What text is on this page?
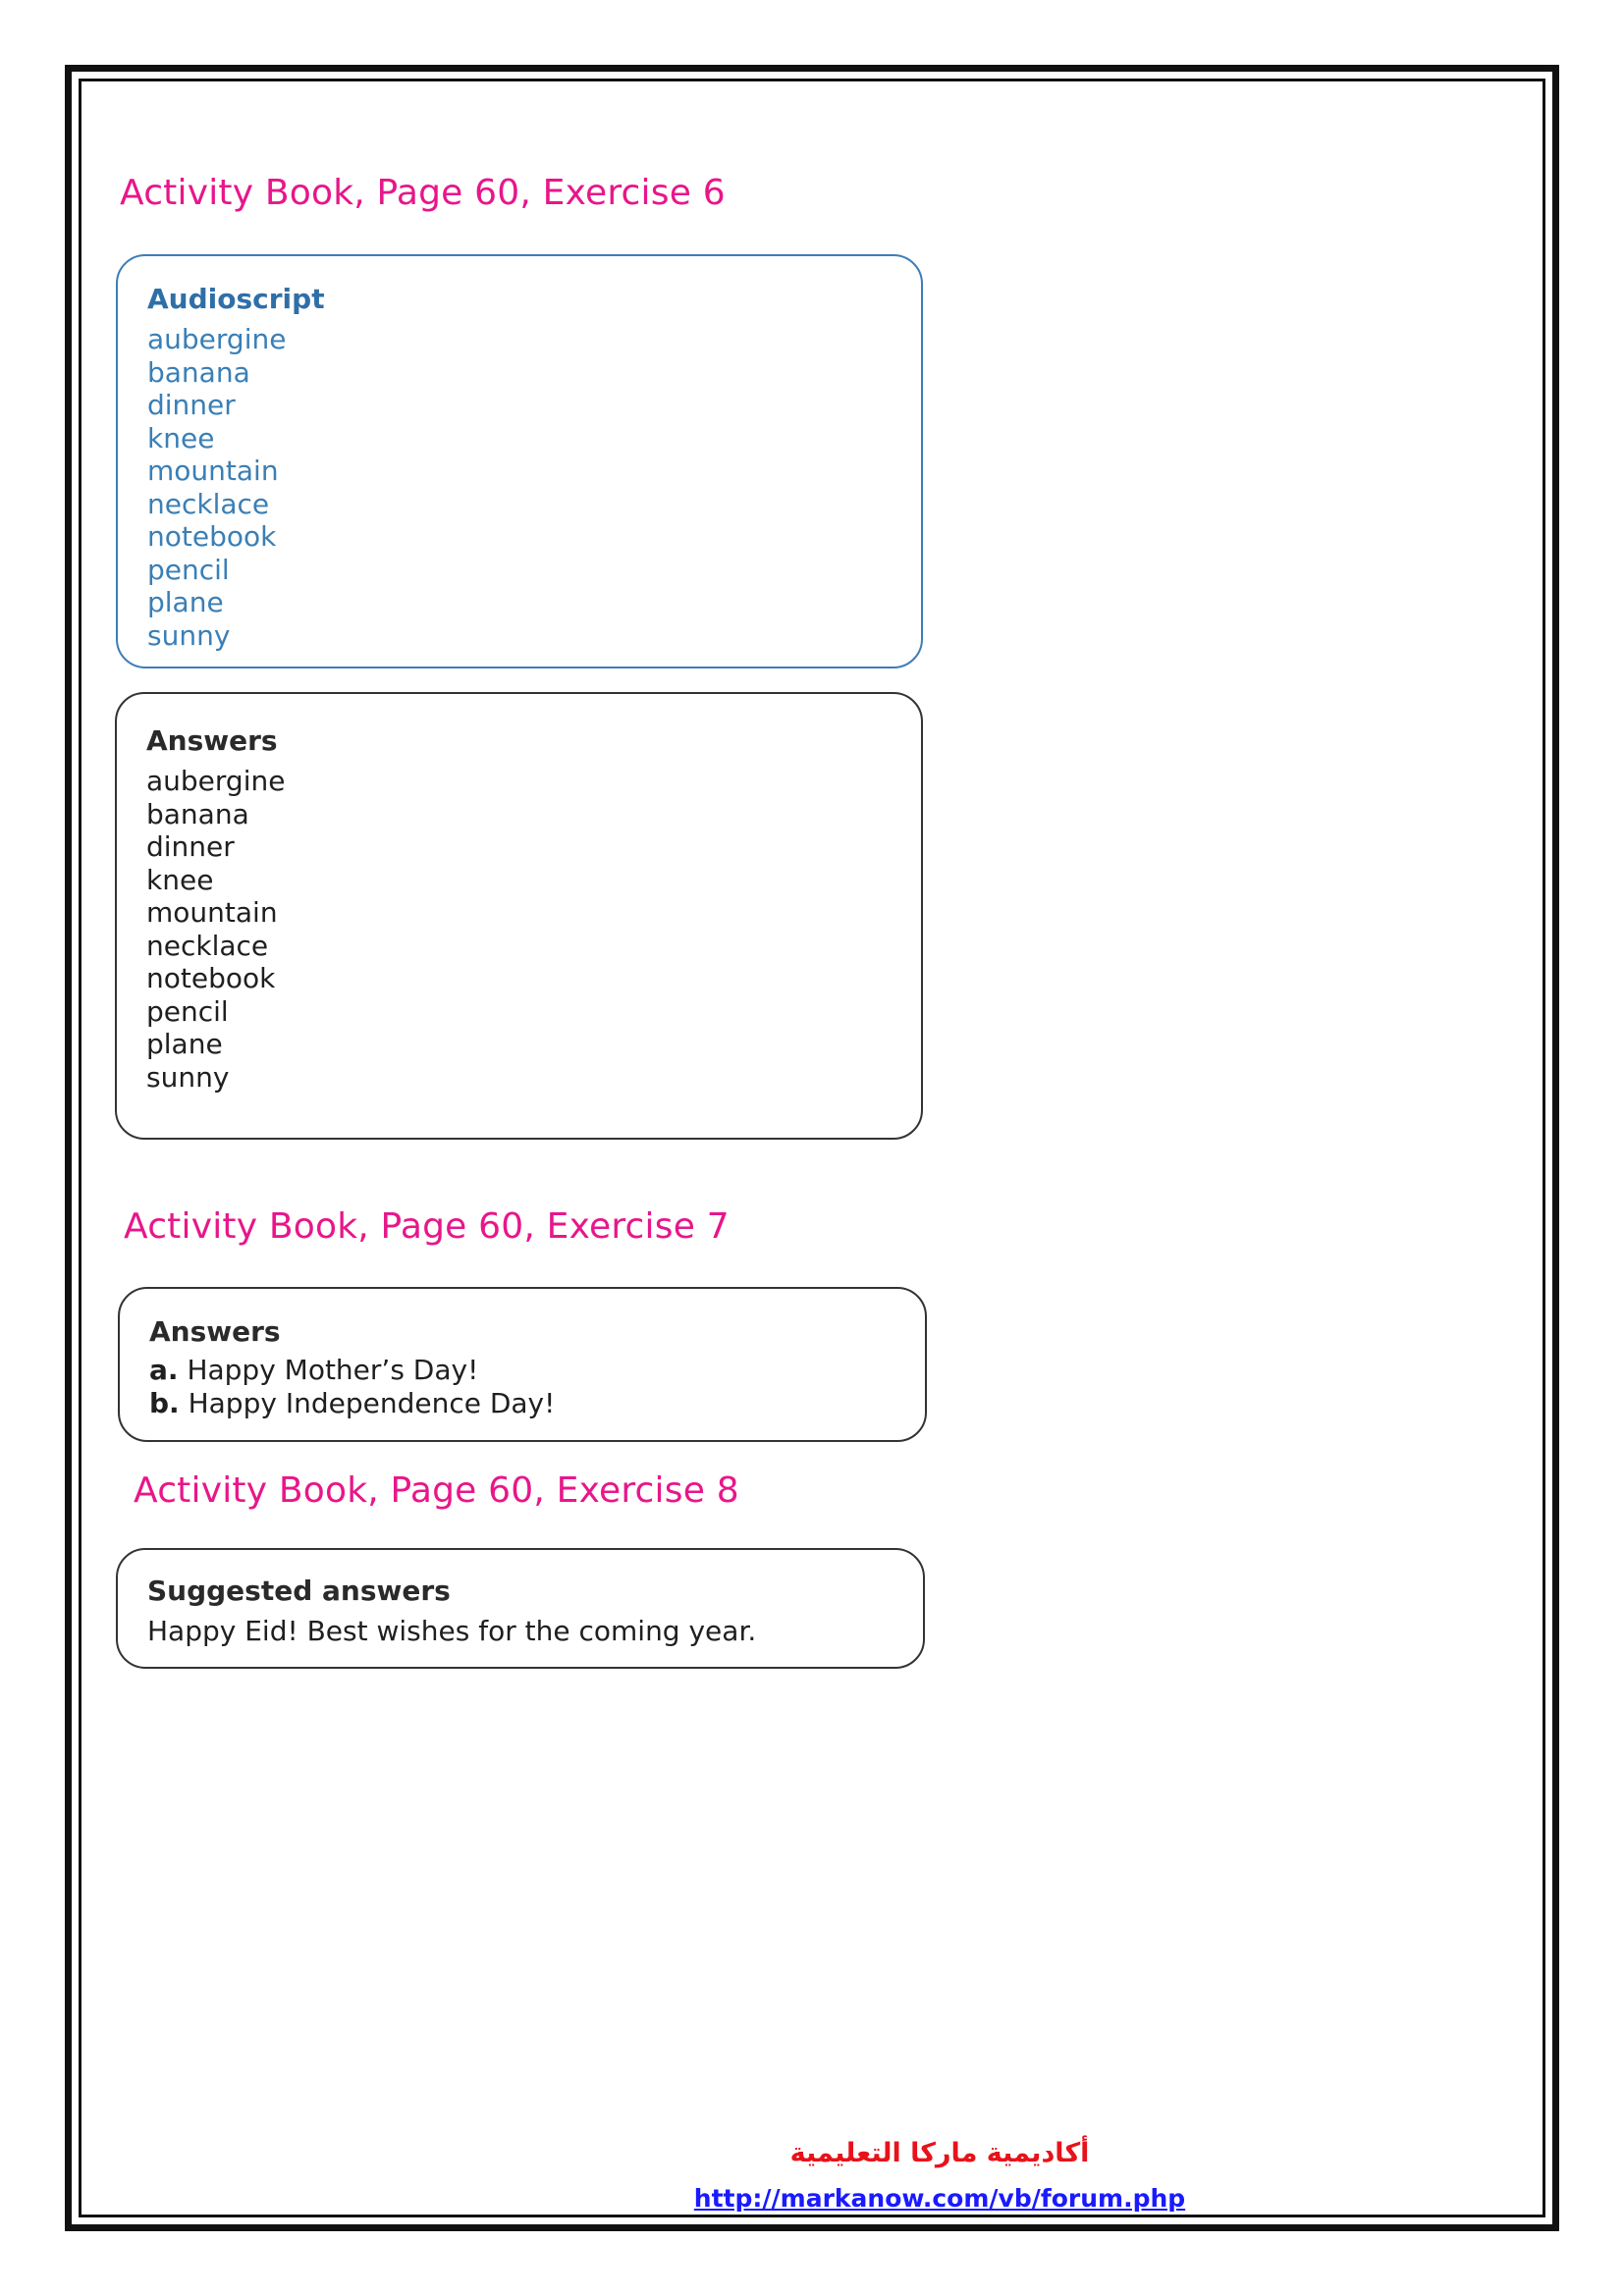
Activity Book, Page 60, Exercise 6
Audioscript
aubergine
banana
dinner
knee
mountain
necklace
notebook
pencil
plane
sunny
Answers
aubergine
banana
dinner
knee
mountain
necklace
notebook
pencil
plane
sunny
Activity Book, Page 60, Exercise 7
Answers
a. Happy Mother’s Day!
b. Happy Independence Day!
Activity Book, Page 60, Exercise 8
Suggested answers
Happy Eid! Best wishes for the coming year.
أكاديمية ماركا التعليمية
http://markanow.com/vb/forum.php
